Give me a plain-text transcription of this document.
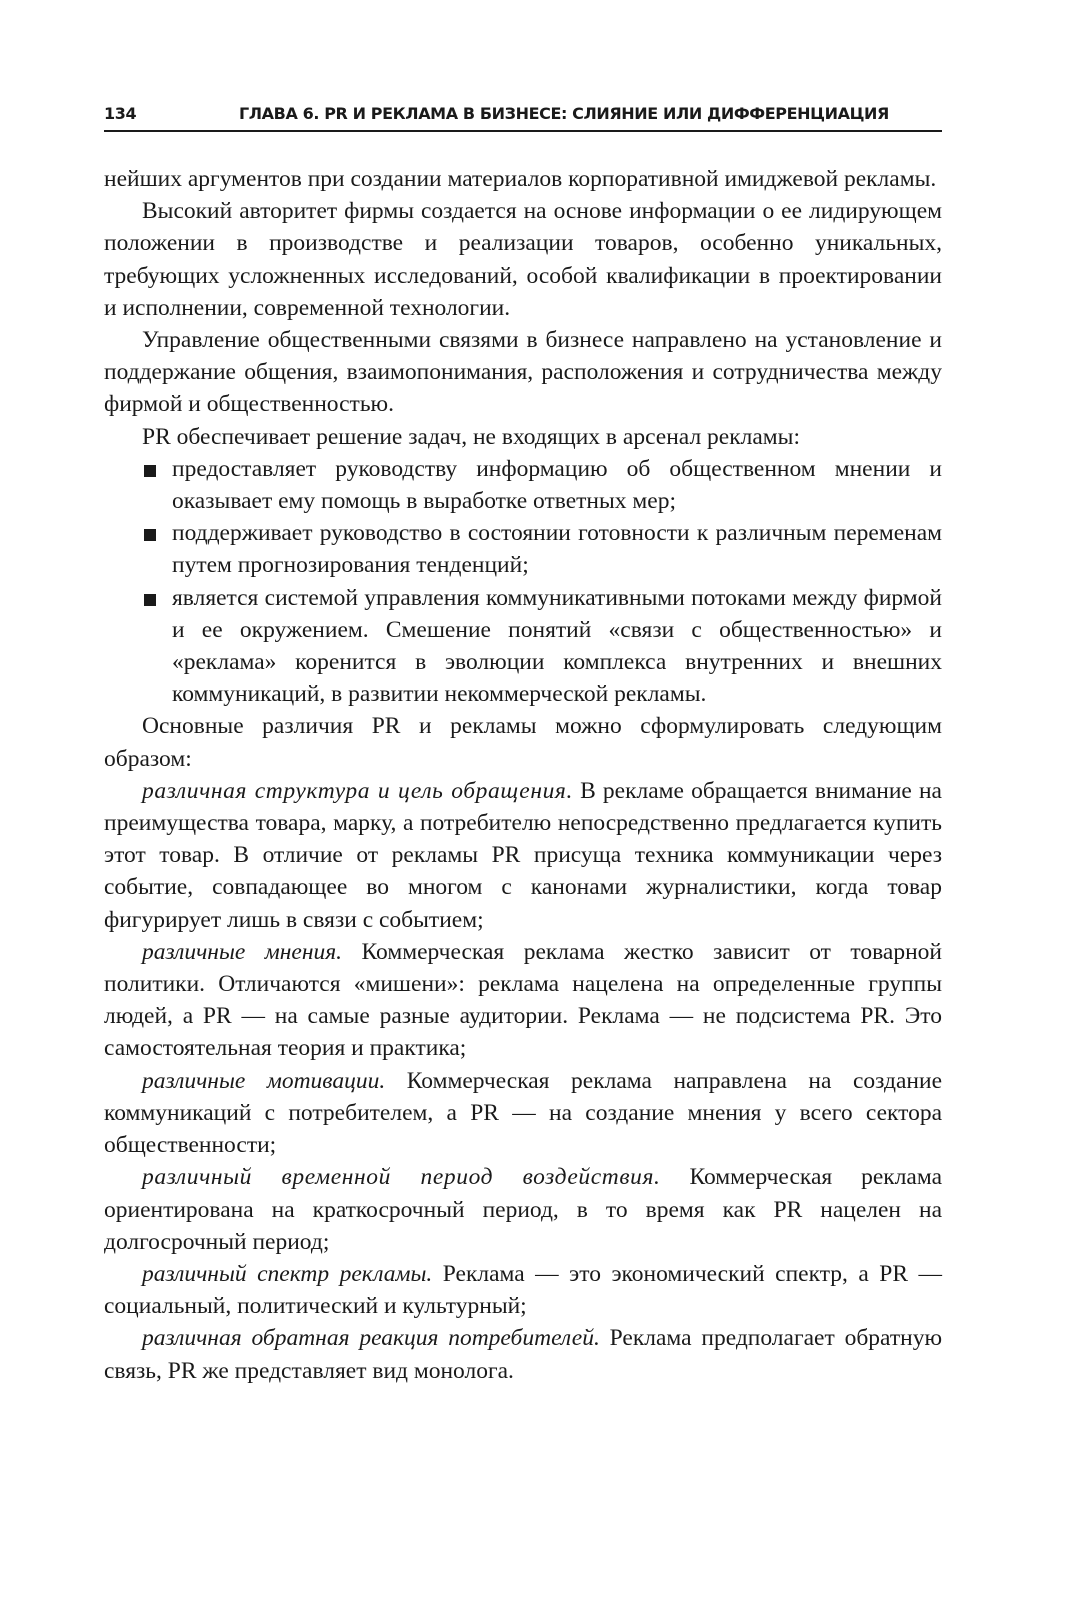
134	ГЛАВА 6. PR И РЕКЛАМА В БИЗНЕСЕ: СЛИЯНИЕ ИЛИ ДИФФЕРЕНЦИАЦИЯ

нейших аргументов при создании материалов корпоративной имиджевой рекламы.

Высокий авторитет фирмы создается на основе информации о ее лидирующем положении в производстве и реализации товаров, особенно уникальных, требующих усложненных исследований, особой квалификации в проектировании и исполнении, современной технологии.

Управление общественными связями в бизнесе направлено на установление и поддержание общения, взаимопонимания, расположения и сотрудничества между фирмой и общественностью.

PR обеспечивает решение задач, не входящих в арсенал рекламы:

предоставляет руководству информацию об общественном мнении и оказывает ему помощь в выработке ответных мер;
поддерживает руководство в состоянии готовности к различным переменам путем прогнозирования тенденций;
является системой управления коммуникативными потоками между фирмой и ее окружением. Смешение понятий «связи с общественностью» и «реклама» коренится в эволюции комплекса внутренних и внешних коммуникаций, в развитии некоммерческой рекламы.

Основные различия PR и рекламы можно сформулировать следующим образом:

различная структура и цель обращения. В рекламе обращается внимание на преимущества товара, марку, а потребителю непосредственно предлагается купить этот товар. В отличие от рекламы PR присуща техника коммуникации через событие, совпадающее во многом с канонами журналистики, когда товар фигурирует лишь в связи с событием;

различные мнения. Коммерческая реклама жестко зависит от товарной политики. Отличаются «мишени»: реклама нацелена на определенные группы людей, а PR — на самые разные аудитории. Реклама — не подсистема PR. Это самостоятельная теория и практика;

различные мотивации. Коммерческая реклама направлена на создание коммуникаций с потребителем, а PR — на создание мнения у всего сектора общественности;

различный временной период воздействия. Коммерческая реклама ориентирована на краткосрочный период, в то время как PR нацелен на долгосрочный период;

различный спектр рекламы. Реклама — это экономический спектр, а PR — социальный, политический и культурный;

различная обратная реакция потребителей. Реклама предполагает обратную связь, PR же представляет вид монолога.
